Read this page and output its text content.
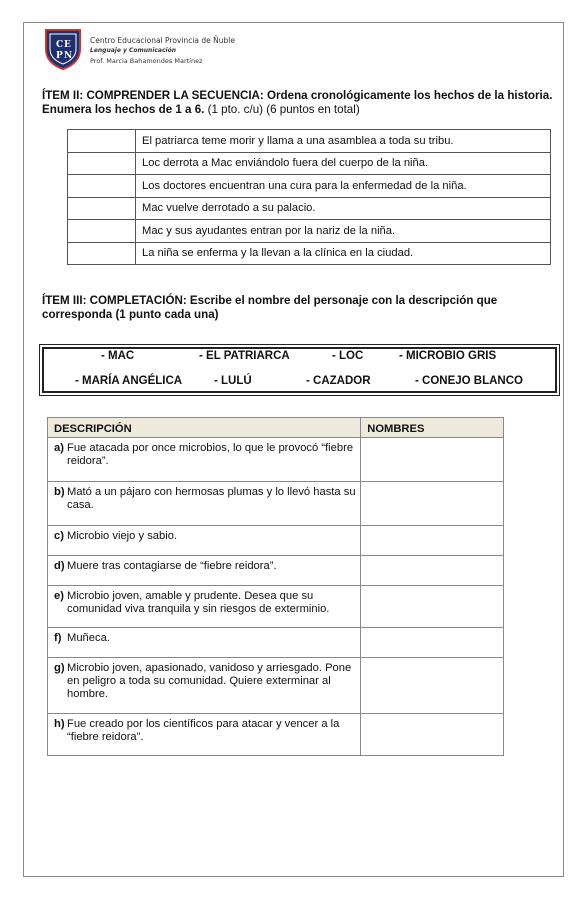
C E
P N
Centro Educacional Provincia de Ñuble
Lenguaje y Comunicación
Prof. Marcia Bahamondes Martínez
ÍTEM II: COMPRENDER LA SECUENCIA: Ordena cronológicamente los hechos de la historia.
Enumera los hechos de 1 a 6. (1 pto. c/u) (6 puntos en total)
	El patriarca teme morir y llama a una asamblea a toda su tribu.
	Loc derrota a Mac enviándolo fuera del cuerpo de la niña.
	Los doctores encuentran una cura para la enfermedad de la niña.
	Mac vuelve derrotado a su palacio.
	Mac y sus ayudantes entran por la nariz de la niña.
	La niña se enferma y la llevan a la clínica en la ciudad.
ÍTEM III: COMPLETACIÓN: Escribe el nombre del personaje con la descripción que
corresponda (1 punto cada una)
- MAC	- EL PATRIARCA	- LOC	- MICROBIO GRIS
- MARÍA ANGÉLICA	- LULÚ	- CAZADOR	- CONEJO BLANCO
DESCRIPCIÓN	NOMBRES

a) Fue atacada por once microbios, lo que le provocó “fiebre reidora”.	

b) Mató a un pájaro con hermosas plumas y lo llevó hasta su casa.	

c) Microbio viejo y sabio.	

d) Muere tras contagiarse de “fiebre reidora”.	

e) Microbio joven, amable y prudente. Desea que su comunidad viva tranquila y sin riesgos de exterminio.	

f) Muñeca.	

g) Microbio joven, apasionado, vanidoso y arriesgado. Pone en peligro a toda su comunidad. Quiere exterminar al hombre.	

h) Fue creado por los científicos para atacar y vencer a la “fiebre reidora”.	
